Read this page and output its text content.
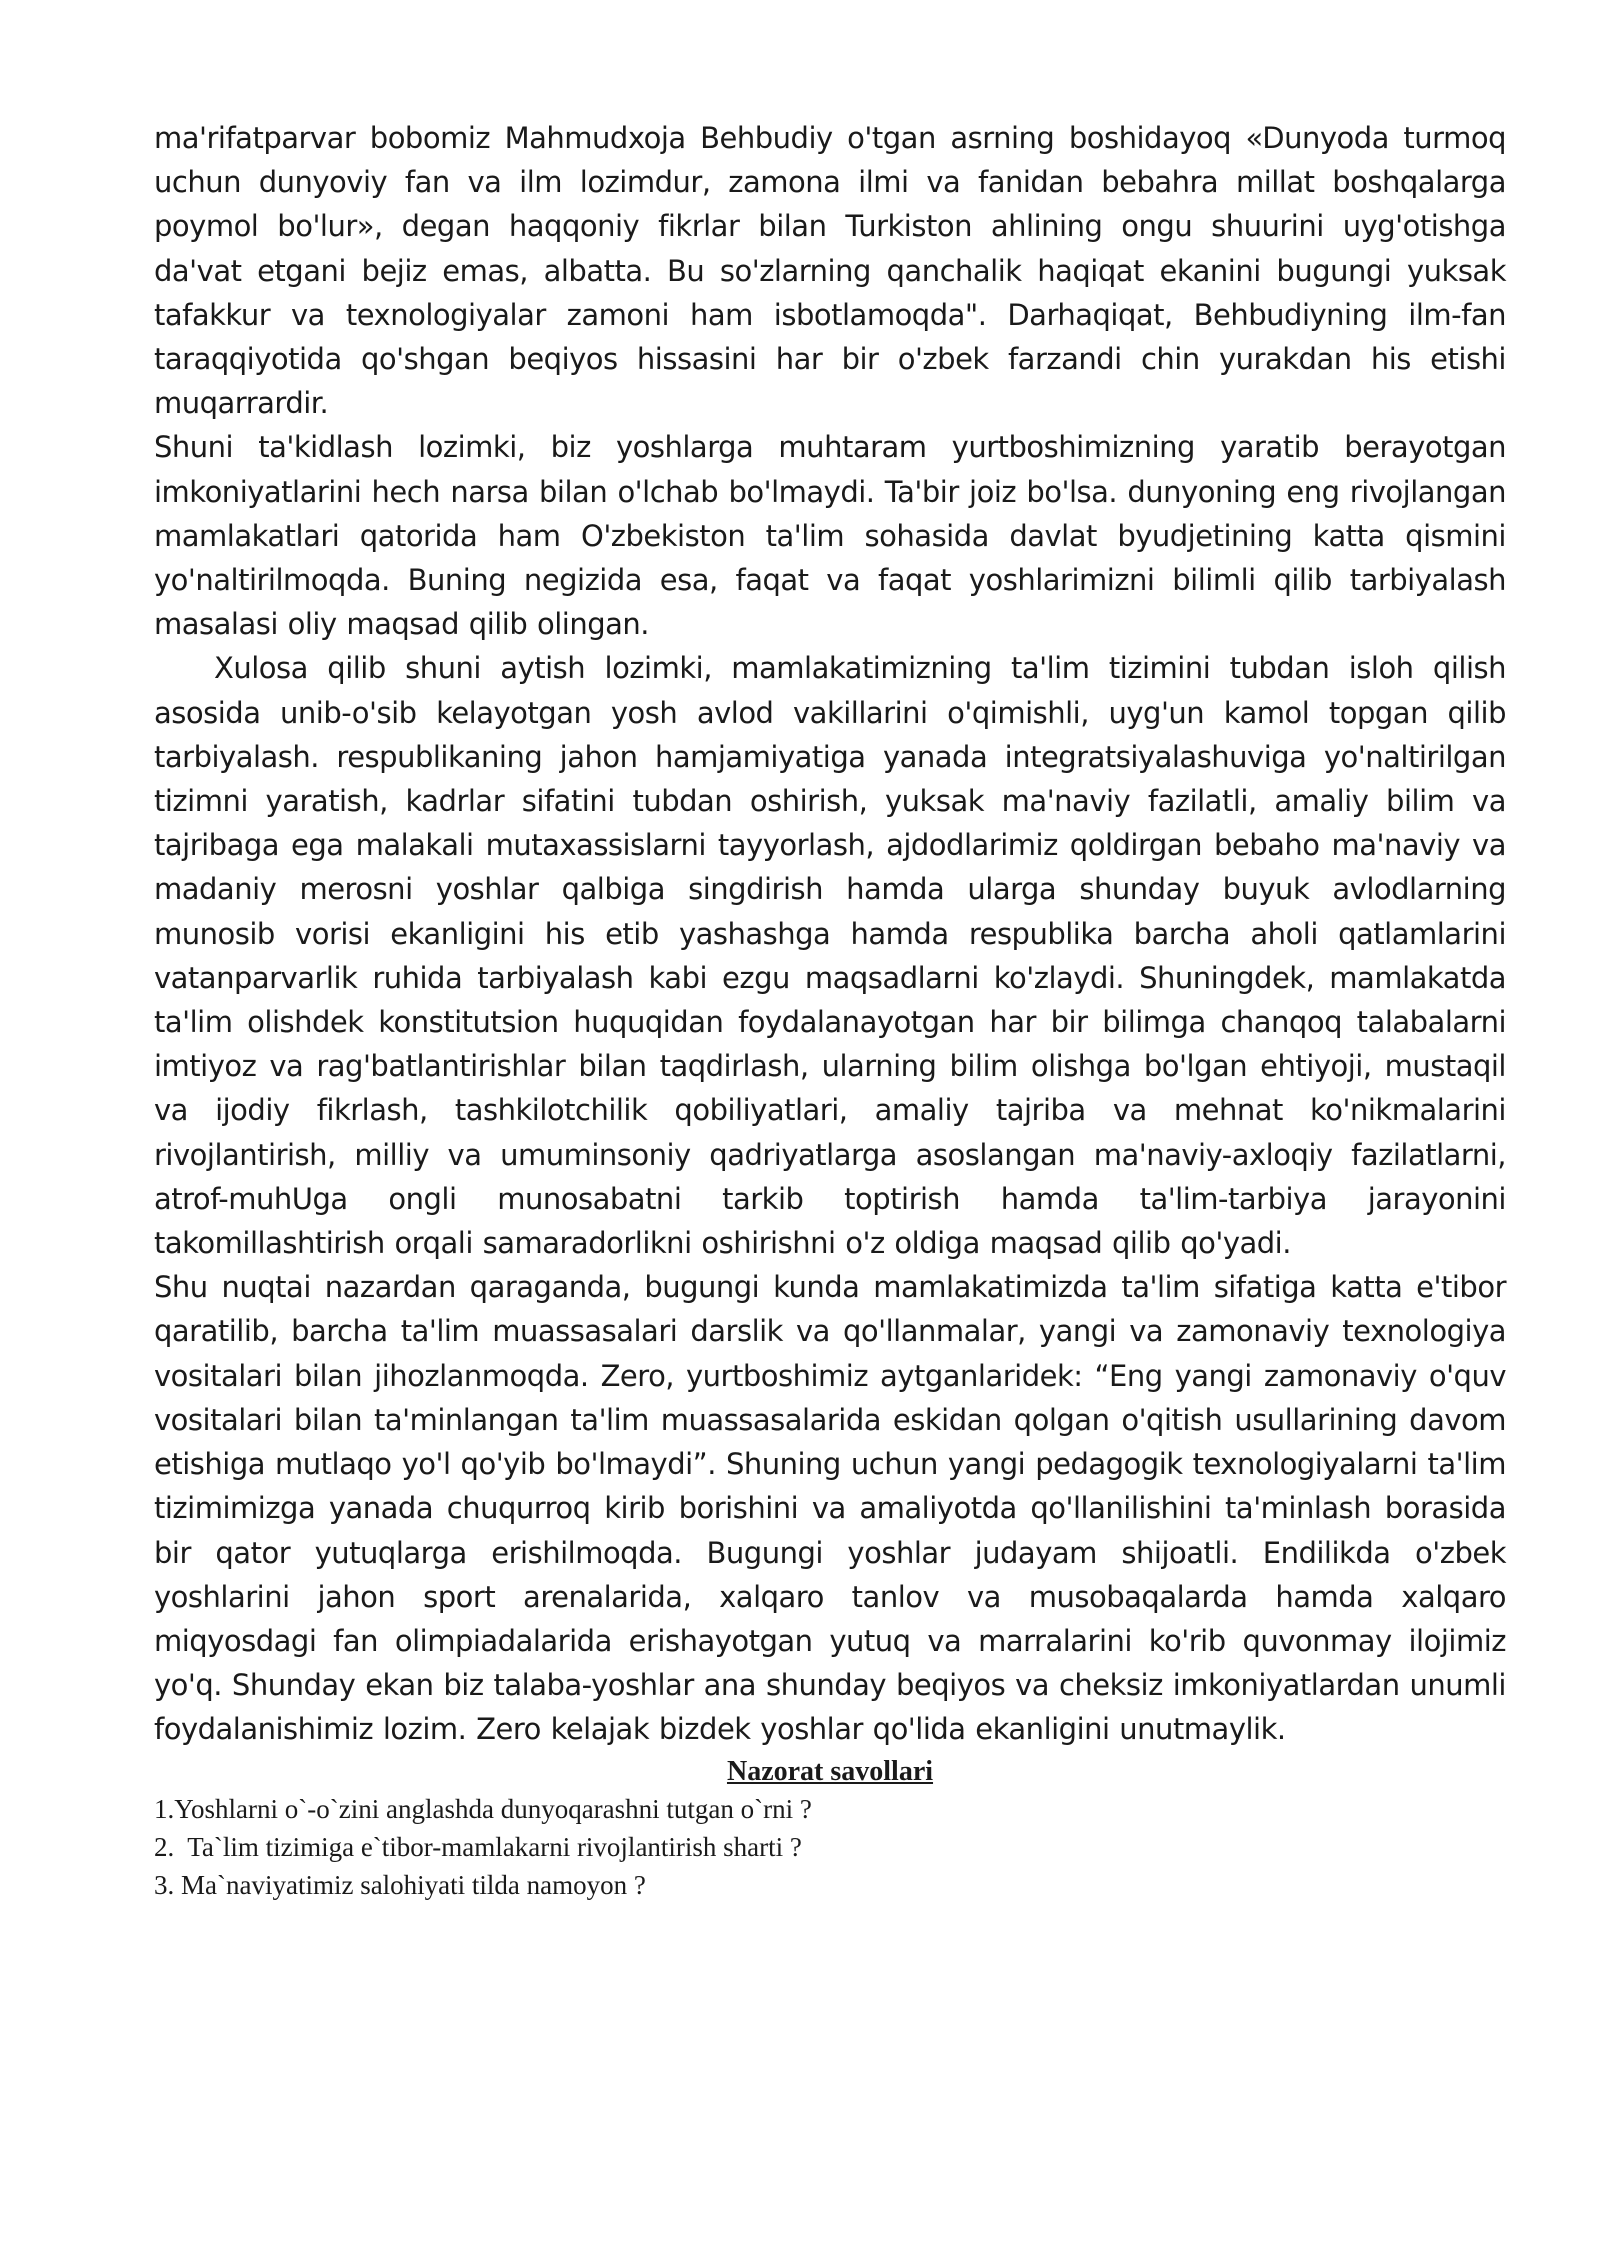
ma'rifatparvar bobomiz Mahmudxoja Behbudiy o'tgan asrning boshidayoq «Dunyoda turmoq uchun dunyoviy fan va ilm lozimdur, zamona ilmi va fanidan bebahra millat boshqalarga poymol bo'lur», degan haqqoniy fikrlar bilan Turkiston ahlining ongu shuurini uyg'otishga da'vat etgani bejiz emas, albatta. Bu so'zlarning qanchalik haqiqat ekanini bugungi yuksak tafakkur va texnologiyalar zamoni ham isbotlamoqda". Darhaqiqat, Behbudiyning ilm-fan taraqqiyotida qo'shgan beqiyos hissasini har bir o'zbek farzandi chin yurakdan his etishi muqarrardir.

Shuni ta'kidlash lozimki, biz yoshlarga muhtaram yurtboshimizning yaratib berayotgan imkoniyatlarini hech narsa bilan o'lchab bo'lmaydi. Ta'bir joiz bo'lsa. dunyoning eng rivojlangan mamlakatlari qatorida ham O'zbekiston ta'lim sohasida davlat byudjetining katta qismini yo'naltirilmoqda. Buning negizida esa, faqat va faqat yoshlarimizni bilimli qilib tarbiyalash masalasi oliy maqsad qilib olingan.

Xulosa qilib shuni aytish lozimki, mamlakatimizning ta'lim tizimini tubdan isloh qilish asosida unib-o'sib kelayotgan yosh avlod vakillarini o'qimishli, uyg'un kamol topgan qilib tarbiyalash. respublikaning jahon hamjamiyatiga yanada integratsiyalashuviga yo'naltirilgan tizimni yaratish, kadrlar sifatini tubdan oshirish, yuksak ma'naviy fazilatli, amaliy bilim va tajribaga ega malakali mutaxassislarni tayyorlash, ajdodlarimiz qoldirgan bebaho ma'naviy va madaniy merosni yoshlar qalbiga singdirish hamda ularga shunday buyuk avlodlarning munosib vorisi ekanligini his etib yashashga hamda respublika barcha aholi qatlamlarini vatanparvarlik ruhida tarbiyalash kabi ezgu maqsadlarni ko'zlaydi. Shuningdek, mamlakatda ta'lim olishdek konstitutsion huquqidan foydalanayotgan har bir bilimga chanqoq talabalarni imtiyoz va rag'batlantirishlar bilan taqdirlash, ularning bilim olishga bo'lgan ehtiyoji, mustaqil va ijodiy fikrlash, tashkilotchilik qobiliyatlari, amaliy tajriba va mehnat ko'nikmalarini rivojlantirish, milliy va umuminsoniy qadriyatlarga asoslangan ma'naviy-axloqiy fazilatlarni, atrof-muhUga ongli munosabatni tarkib toptirish hamda ta'lim-tarbiya jarayonini takomillashtirish orqali samaradorlikni oshirishni o'z oldiga maqsad qilib qo'yadi.

Shu nuqtai nazardan qaraganda, bugungi kunda mamlakatimizda ta'lim sifatiga katta e'tibor qaratilib, barcha ta'lim muassasalari darslik va qo'llanmalar, yangi va zamonaviy texnologiya vositalari bilan jihozlanmoqda. Zero, yurtboshimiz aytganlaridek: “Eng yangi zamonaviy o'quv vositalari bilan ta'minlangan ta'lim muassasalarida eskidan qolgan o'qitish usullarining davom etishiga mutlaqo yo'l qo'yib bo'lmaydi”. Shuning uchun yangi pedagogik texnologiyalarni ta'lim tizimimizga yanada chuqurroq kirib borishini va amaliyotda qo'llanilishini ta'minlash borasida bir qator yutuqlarga erishilmoqda. Bugungi yoshlar judayam shijoatli. Endilikda o'zbek yoshlarini jahon sport arenalarida, xalqaro tanlov va musobaqalarda hamda xalqaro miqyosdagi fan olimpiadalarida erishayotgan yutuq va marralarini ko'rib quvonmay ilojimiz yo'q. Shunday ekan biz talaba-yoshlar ana shunday beqiyos va cheksiz imkoniyatlardan unumli foydalanishimiz lozim. Zero kelajak bizdek yoshlar qo'lida ekanligini unutmaylik.

Nazorat savollari
1.Yoshlarni o`-o`zini anglashda dunyoqarashni tutgan o`rni ?
2.  Ta`lim tizimiga e`tibor-mamlakarni rivojlantirish sharti ?
3. Ma`naviyatimiz salohiyati tilda namoyon ?
